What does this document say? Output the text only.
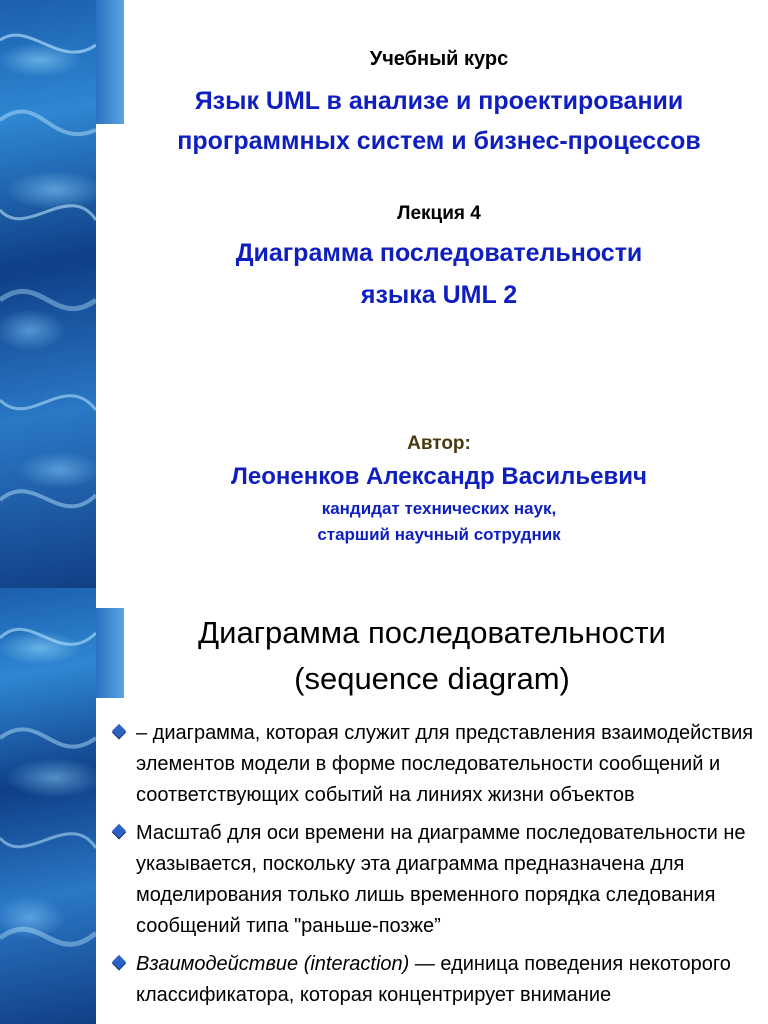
Учебный курс
Язык UML в анализе и проектировании
программных систем и бизнес-процессов
Лекция 4
Диаграмма последовательности
языка UML 2
Автор:
Леоненков Александр Васильевич
кандидат технических наук,
старший научный сотрудник
Диаграмма последовательности
(sequence diagram)
– диаграмма, которая служит для представления взаимодействия элементов модели в форме последовательности сообщений и соответствующих событий на линиях жизни объектов
Масштаб для оси времени на диаграмме последовательности не указывается, поскольку эта диаграмма предназначена для моделирования только лишь временного порядка следования сообщений типа "раньше-позже”
Взаимодействие (interaction) — единица поведения некоторого классификатора, которая концентрирует внимание
